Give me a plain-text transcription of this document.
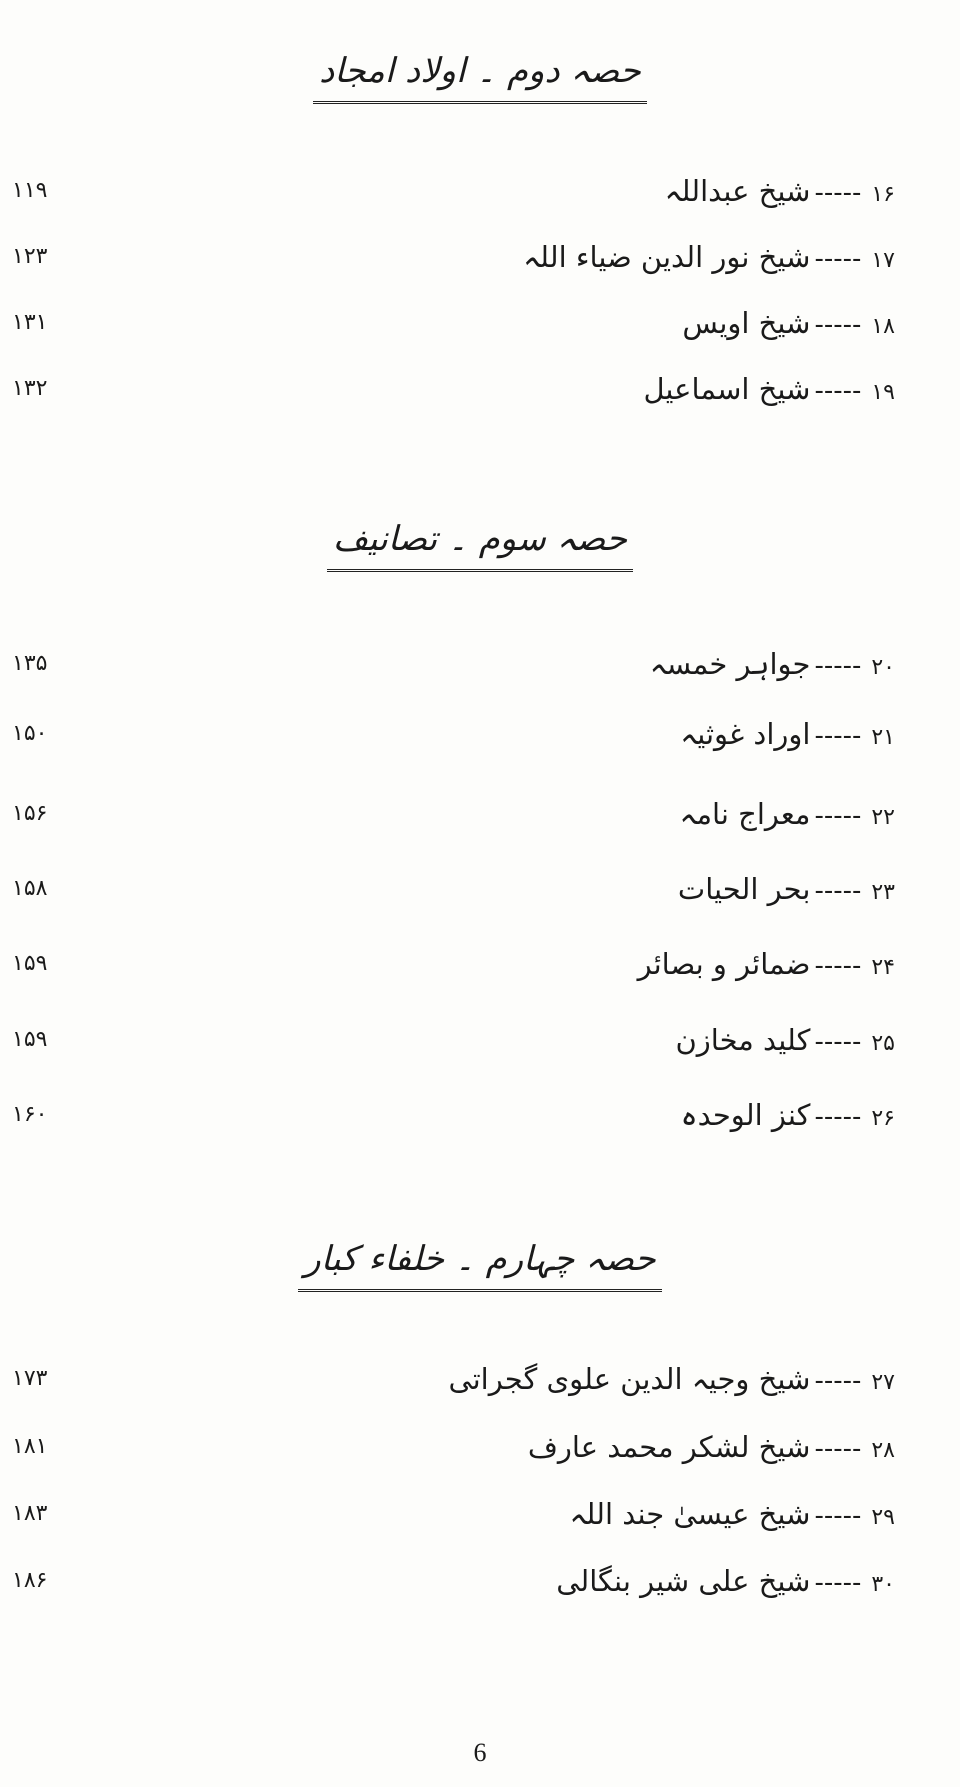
حصہ دوم ۔ اولاد امجاد
۱۶-----شیخ عبداللہ
۱۱۹
۱۷-----شیخ نور الدین ضیاء اللہ
۱۲۳
۱۸-----شیخ اویس
۱۳۱
۱۹-----شیخ اسماعیل
۱۳۲
حصہ سوم ۔ تصانیف
۲۰-----جواہر خمسہ
۱۳۵
۲۱-----اوراد غوثیہ
۱۵۰
۲۲-----معراج نامہ
۱۵۶
۲۳-----بحر الحیات
۱۵۸
۲۴-----ضمائر و بصائر
۱۵۹
۲۵-----کلید مخازن
۱۵۹
۲۶-----کنز الوحدہ
۱۶۰
حصہ چہارم ۔ خلفاء کبار
۲۷-----شیخ وجیہ الدین علوی گجراتی
۱۷۳
۲۸-----شیخ لشکر محمد عارف
۱۸۱
۲۹-----شیخ عیسیٰ جند اللہ
۱۸۳
۳۰-----شیخ علی شیر بنگالی
۱۸۶
6
